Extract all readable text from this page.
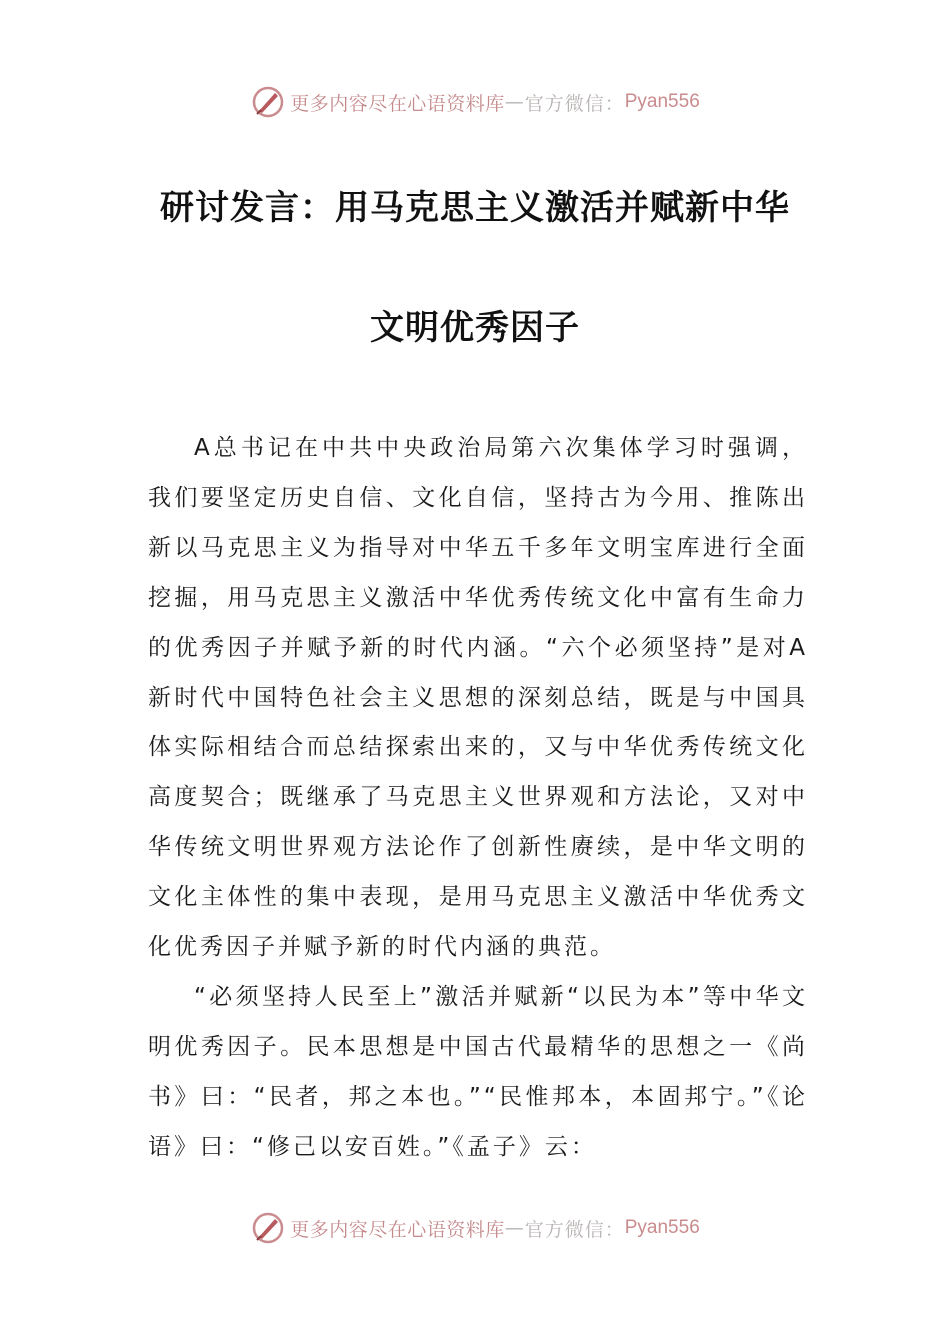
更多内容尽在心语资料库 — 官方微信： Pyan556
研讨发言：用马克思主义激活并赋新中华
文明优秀因子

A总书记在中共中央政治局第六次集体学习时强调，我们要坚定历史自信、文化自信，坚持古为今用、推陈出新以马克思主义为指导对中华五千多年文明宝库进行全面挖掘，用马克思主义激活中华优秀传统文化中富有生命力的优秀因子并赋予新的时代内涵。“六个必须坚持”是对A新时代中国特色社会主义思想的深刻总结，既是与中国具体实际相结合而总结探索出来的，又与中华优秀传统文化高度契合；既继承了马克思主义世界观和方法论，又对中华传统文明世界观方法论作了创新性赓续，是中华文明的文化主体性的集中表现，是用马克思主义激活中华优秀文化优秀因子并赋予新的时代内涵的典范。

“必须坚持人民至上”激活并赋新“以民为本”等中华文明优秀因子。民本思想是中国古代最精华的思想之一《尚书》曰：“民者，邦之本也。”“民惟邦本，本固邦宁。”《论语》曰：“修己以安百姓。”《孟子》云：

更多内容尽在心语资料库 — 官方微信： Pyan556
